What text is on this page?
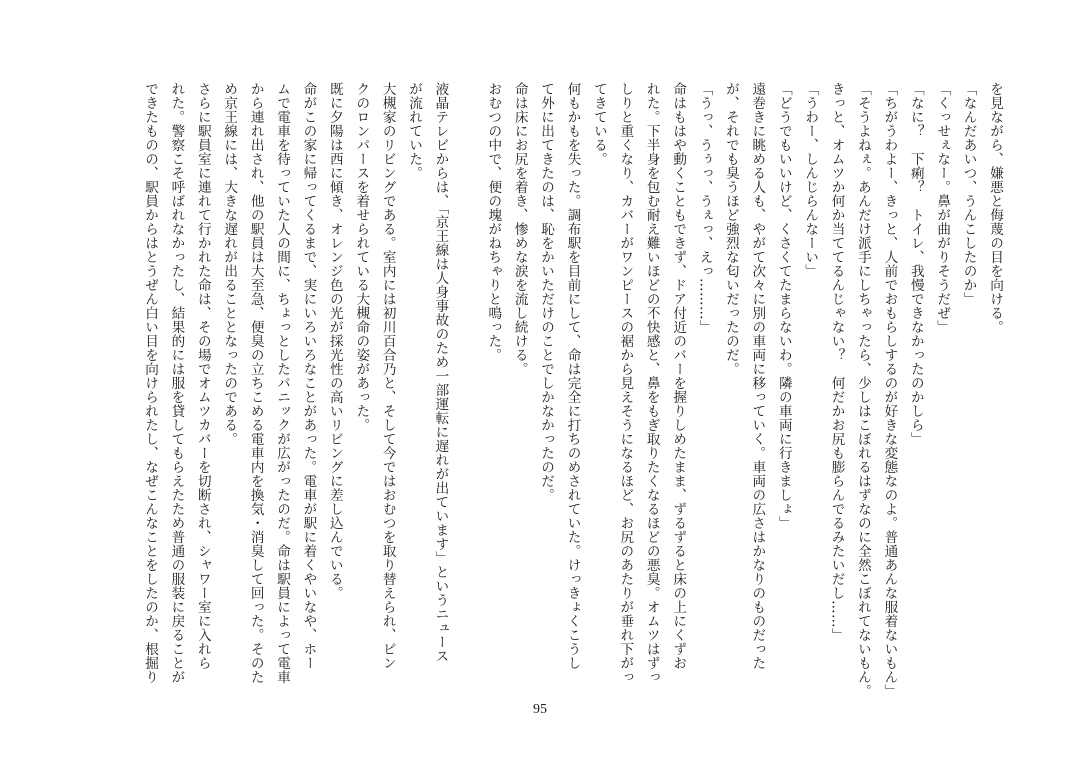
を見ながら、嫌悪と侮蔑の目を向ける。
「なんだあいつ、うんこしたのか」
「くっせぇなー。鼻が曲がりそうだぜ」
「なに？　下痢？　トイレ、我慢できなかったのかしら」
「ちがうわよー、きっと、人前でおもらしするのが好きな変態なのよ。普通あんな服着ないもん」
「そうよねぇ。あんだけ派手にしちゃったら、少しはこぼれるはずなのに全然こぼれてないもん。
きっと、オムツか何か当ててるんじゃない？　何だかお尻も膨らんでるみたいだし……」
「うわー、しんじらんなーい」
「どうでもいいけど、くさくてたまらないわ。隣の車両に行きましょ」
遠巻きに眺める人も、やがて次々に別の車両に移っていく。車両の広さはかなりのものだった
が、それでも臭うほど強烈な匂いだったのだ。
「うっ、うぅっ、うぇっ、えっ………」
命はもはや動くこともできず、ドア付近のバーを握りしめたまま、ずるずると床の上にくずお
れた。下半身を包む耐え難いほどの不快感と、鼻をもぎ取りたくなるほどの悪臭。オムツはずっ
しりと重くなり、カバーがワンピースの裾から見えそうになるほど、お尻のあたりが垂れ下がっ
てきている。
何もかもを失った。調布駅を目前にして、命は完全に打ちのめされていた。けっきょくこうし
て外に出てきたのは、恥をかいただけのことでしかなかったのだ。
命は床にお尻を着き、惨めな涙を流し続ける。
おむつの中で、便の塊がねちゃりと鳴った。

液晶テレビからは、「京王線は人身事故のため一部運転に遅れが出ています」というニュース
が流れていた。
大槻家のリビングである。室内には初川百合乃と、そして今ではおむつを取り替えられ、ピン
クのロンパースを着せられている大槻命の姿があった。
既に夕陽は西に傾き、オレンジ色の光が採光性の高いリビングに差し込んでいる。
命がこの家に帰ってくるまで、実にいろいろなことがあった。電車が駅に着くやいなや、ホー
ムで電車を待っていた人の間に、ちょっとしたパニックが広がったのだ。命は駅員によって電車
から連れ出され、他の駅員は大至急、便臭の立ちこめる電車内を換気・消臭して回った。そのた
め京王線には、大きな遅れが出ることとなったのである。
さらに駅員室に連れて行かれた命は、その場でオムツカバーを切断され、シャワー室に入れら
れた。警察こそ呼ばれなかったし、結果的には服を貸してもらえたため普通の服装に戻ることが
できたものの、駅員からはとうぜん白い目を向けられたし、なぜこんなことをしたのか、根掘り
95
